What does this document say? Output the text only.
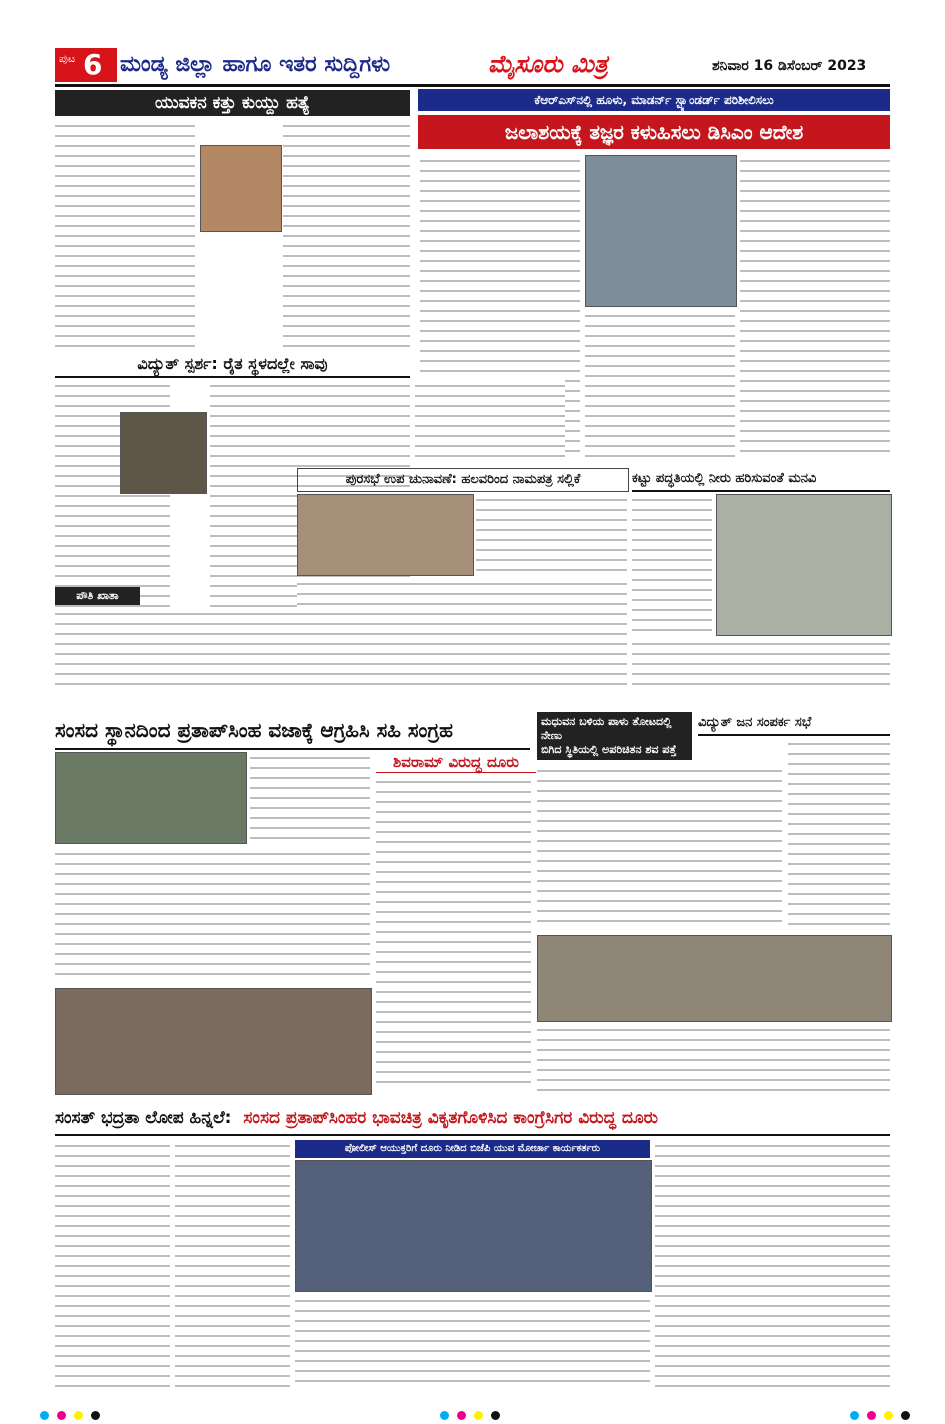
ಪುಟ 6 ಮಂಡ್ಯ ಜಿಲ್ಲಾ ಹಾಗೂ ಇತರ ಸುದ್ದಿಗಳು	ಮೈಸೂರು ಮಿತ್ರ	ಶನಿವಾರ 16 ಡಿಸೆಂಬರ್ 2023
ಯುವಕನ ಕತ್ತು ಕುಯ್ದು ಹತ್ಯೆ	ಕೆಆರ್‌ಎಸ್‌ನಲ್ಲಿ ಹೂಳು, ಮಾಡರ್ನ್ ಸ್ಟ್ಯಾಂಡರ್ಡ್ ಪರಿಶೀಲಿಸಲು
ಜಲಾಶಯಕ್ಕೆ ತಜ್ಞರ ಕಳುಹಿಸಲು ಡಿಸಿಎಂ ಆದೇಶ
ವಿದ್ಯುತ್ ಸ್ಪರ್ಶ: ರೈತ ಸ್ಥಳದಲ್ಲೇ ಸಾವು
ಪೌತಿ ಖಾತಾ
ಪುರಸಭೆ ಉಪ ಚುನಾವಣೆ: ಹಲವರಿಂದ ನಾಮಪತ್ರ ಸಲ್ಲಿಕೆ	ಕಟ್ಟು ಪದ್ಧತಿಯಲ್ಲಿ ನೀರು ಹರಿಸುವಂತೆ ಮನವಿ
ಸಂಸದ ಸ್ಥಾನದಿಂದ ಪ್ರತಾಪ್‌ಸಿಂಹ ವಜಾಕ್ಕೆ ಆಗ್ರಹಿಸಿ ಸಹಿ ಸಂಗ್ರಹ
ಶಿವರಾಮ್ ವಿರುದ್ಧ ದೂರು
ಮಧುವನ ಬಳಿಯ ಪಾಳು ತೋಟದಲ್ಲಿ ನೇಣು
ಬಿಗಿದ ಸ್ಥಿತಿಯಲ್ಲಿ ಅಪರಿಚಿತನ ಶವ ಪತ್ತೆ
ವಿದ್ಯುತ್ ಜನ ಸಂಪರ್ಕ ಸಭೆ
ಸಂಸತ್ ಭದ್ರತಾ ಲೋಪ ಹಿನ್ನಲೆ: ಸಂಸದ ಪ್ರತಾಪ್‌ಸಿಂಹರ ಭಾವಚಿತ್ರ ವಿಕೃತಗೊಳಿಸಿದ ಕಾಂಗ್ರೆಸಿಗರ ವಿರುದ್ಧ ದೂರು
ಪೋಲೀಸ್ ಆಯುಕ್ತರಿಗೆ ದೂರು ನೀಡಿದ ಬಿಜೆಪಿ ಯುವ ಮೋರ್ಚಾ ಕಾರ್ಯಕರ್ತರು
